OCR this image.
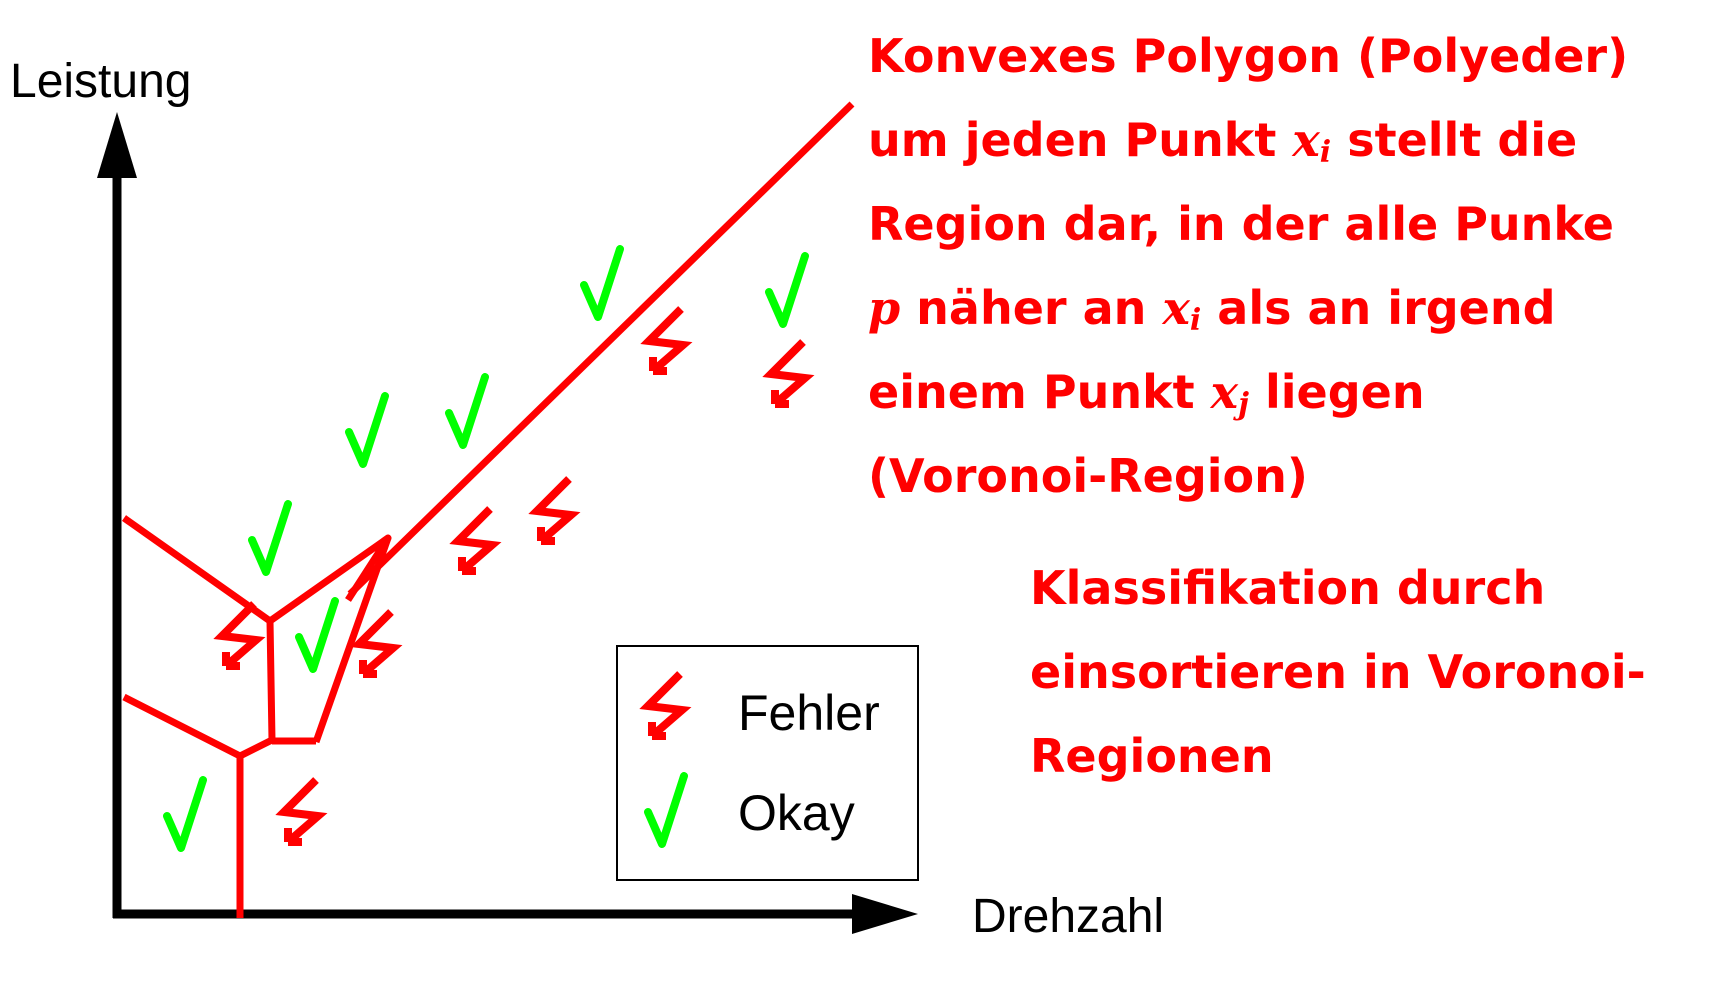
Leistung
Drehzahl
Fehler
Okay
Konvexes Polygon (Polyeder)
um jeden Punkt $x_i$ stellt die
Region dar, in der alle Punke
p näher an $x_i$ als an irgend
einem Punkt $x_j$ liegen
(Voronoi-Region)
Klassifikation durch
einsortieren in Voronoi-
Regionen
